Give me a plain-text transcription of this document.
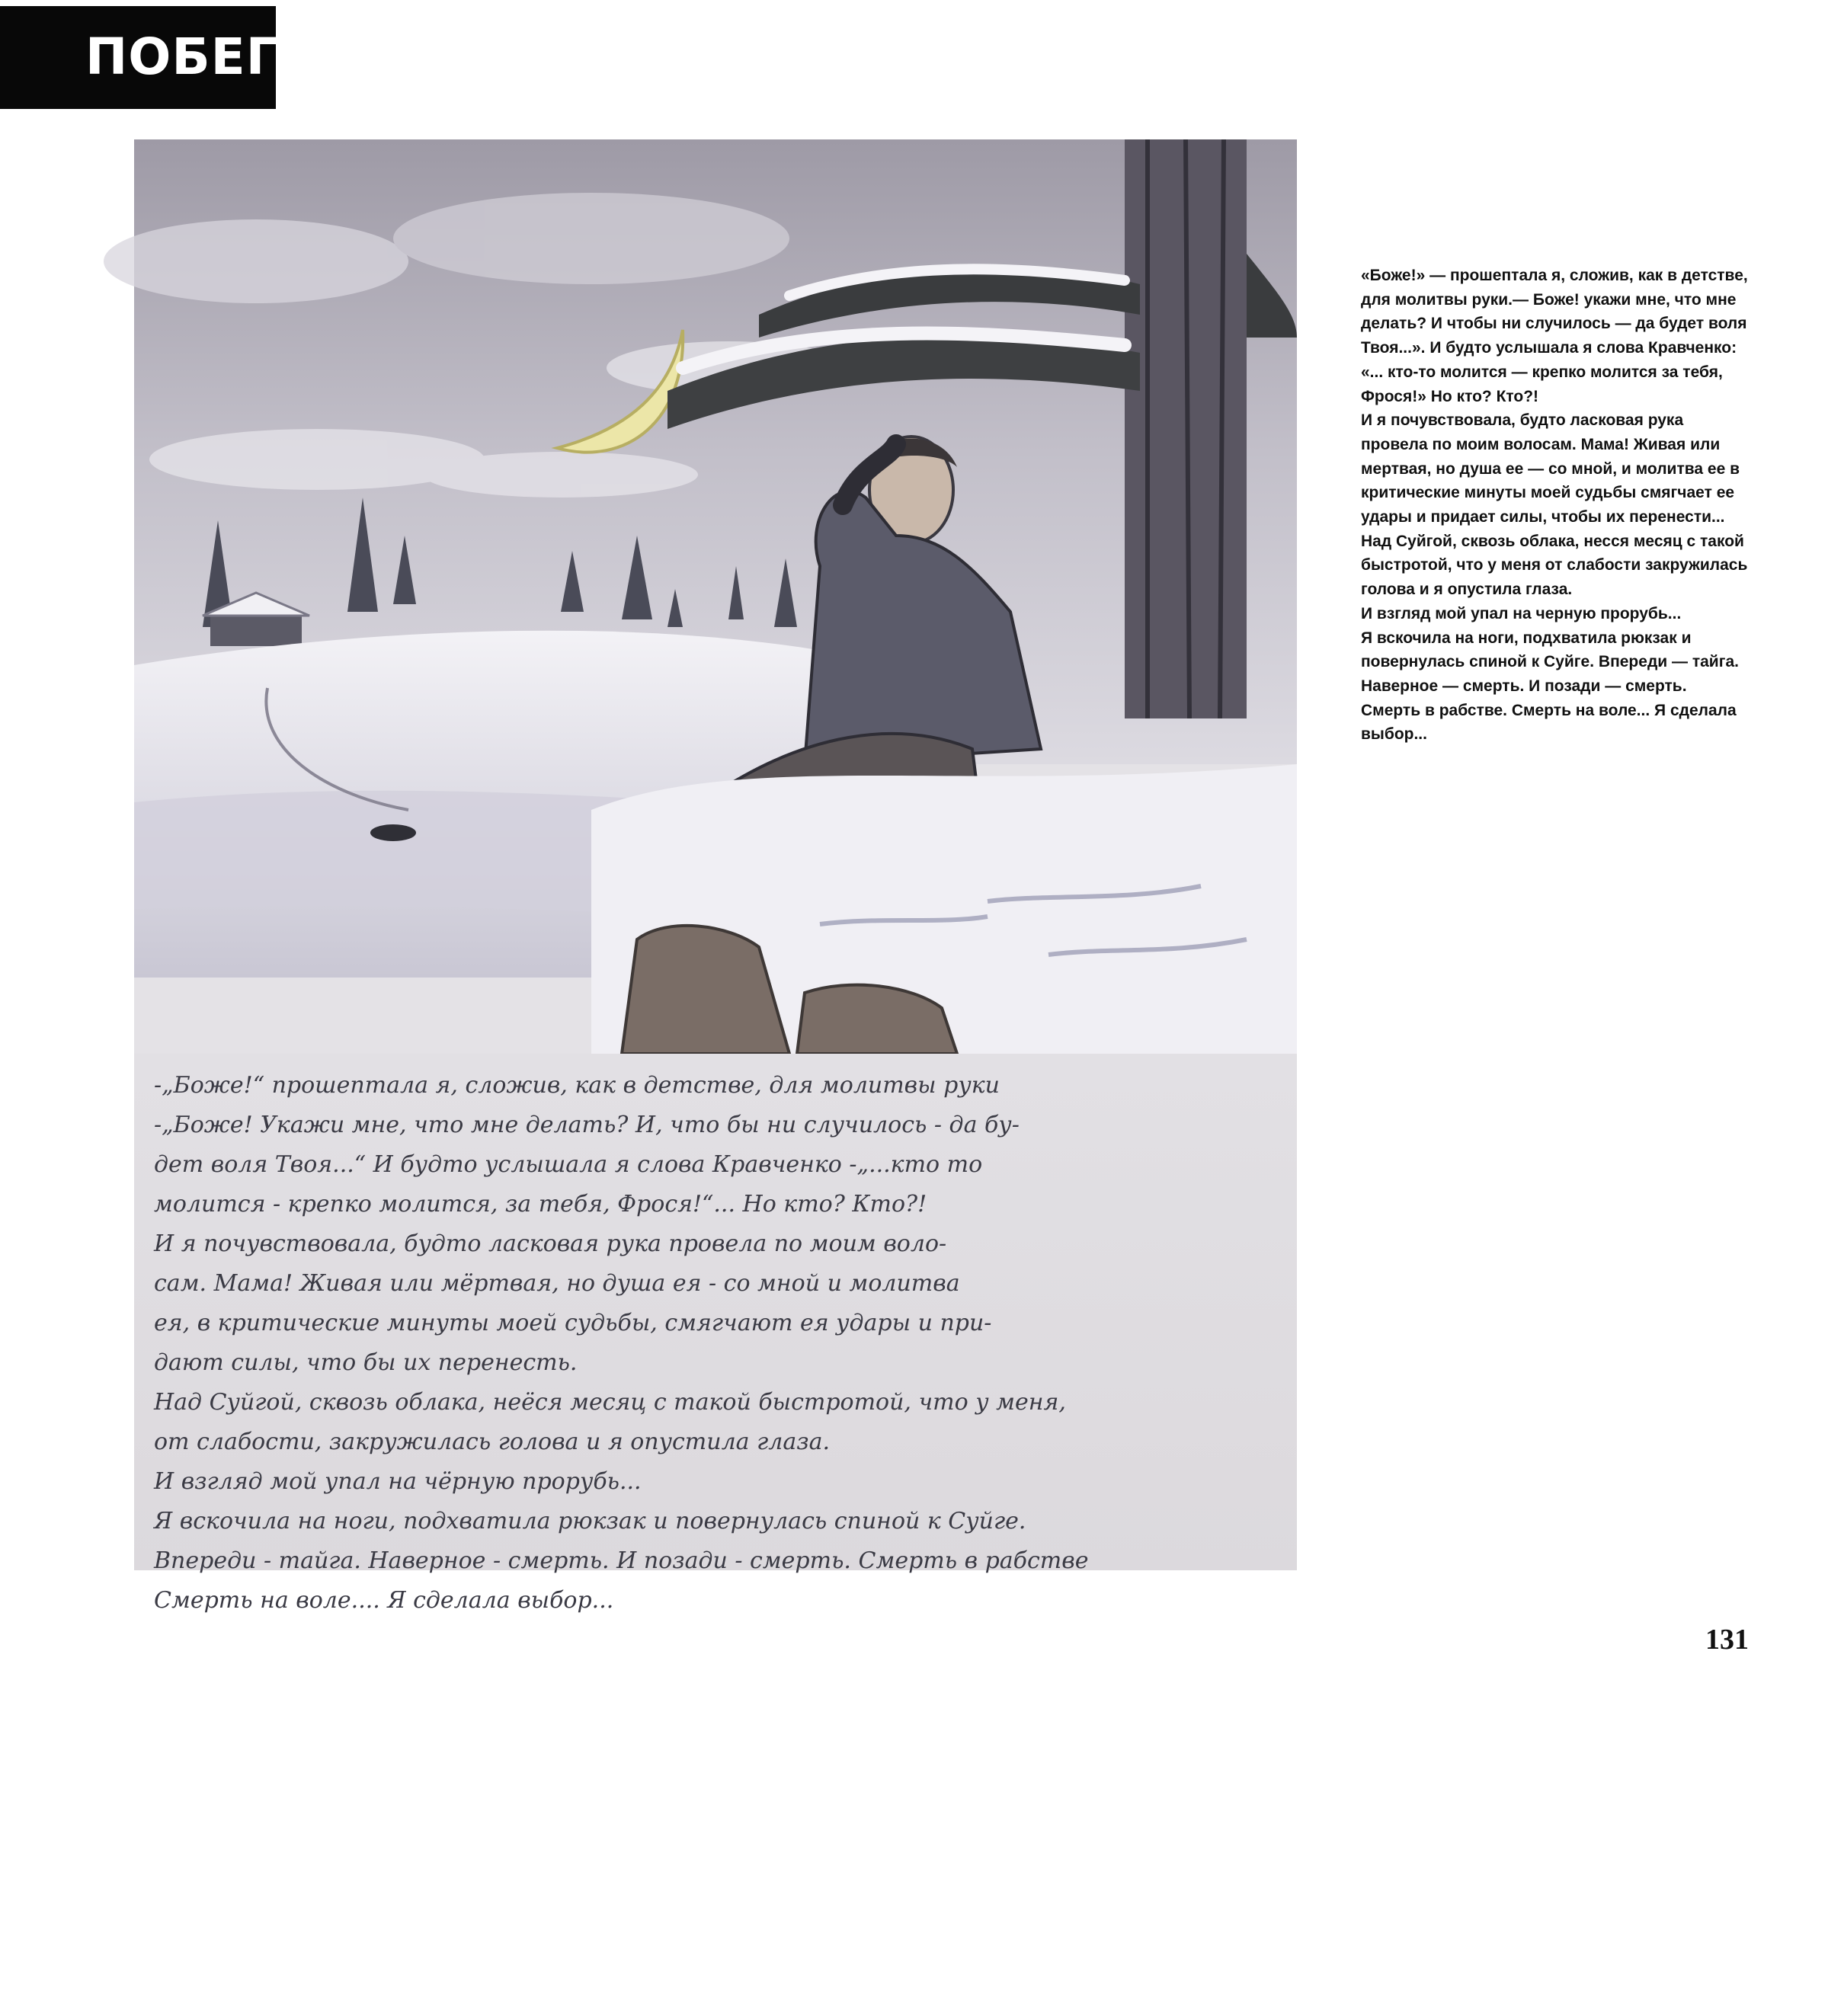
ПОБЕГ

-„Боже!“ прошептала я, сложив, как в детстве, для молитвы руки

-„Боже! Укажи мне, что мне делать? И, что бы ни случилось - да бу-

дет воля Твоя...“ И будто услышала я слова Кравченко -„...кто то

молится - крепко молится, за тебя, Фрося!“... Но кто? Кто?!

И я почувствовала, будто ласковая рука провела по моим воло-

сам. Мама! Живая или мёртвая, но душа ея - со мной и молитва

ея, в критические минуты моей судьбы, смягчают ея удары и при-

дают силы, что бы их перенесть.

Над Суйгой, сквозь облака, неёся месяц с такой быстротой, что у меня,

от слабости, закружилась голова и я опустила глаза.

И взгляд мой упал на чёрную прорубь...

Я вскочила на ноги, подхватила рюкзак и повернулась спиной к Суйге.

Впереди - тайга. Наверное - смерть. И позади - смерть. Смерть в рабстве

Смерть на воле.... Я сделала выбор...

«Боже!» — прошептала я, сложив, как в детстве, для молитвы руки.— Боже! укажи мне, что мне делать? И чтобы ни случилось — да будет воля Твоя...». И будто услышала я слова Кравченко: «... кто-то молится — крепко молится за тебя, Фрося!» Но кто? Кто?!

И я почувствовала, будто ласковая рука провела по моим волосам. Мама! Живая или мертвая, но душа ее — со мной, и молитва ее в критические минуты моей судьбы смягчает ее удары и придает силы, чтобы их перенести...

Над Суйгой, сквозь облака, несся месяц с такой быстротой, что у меня от слабости закружилась голова и я опустила глаза.

И взгляд мой упал на черную прорубь...

Я вскочила на ноги, подхватила рюкзак и повернулась спиной к Суйге. Впереди — тайга. Наверное — смерть. И позади — смерть. Смерть в рабстве. Смерть на воле... Я сделала выбор...

131
